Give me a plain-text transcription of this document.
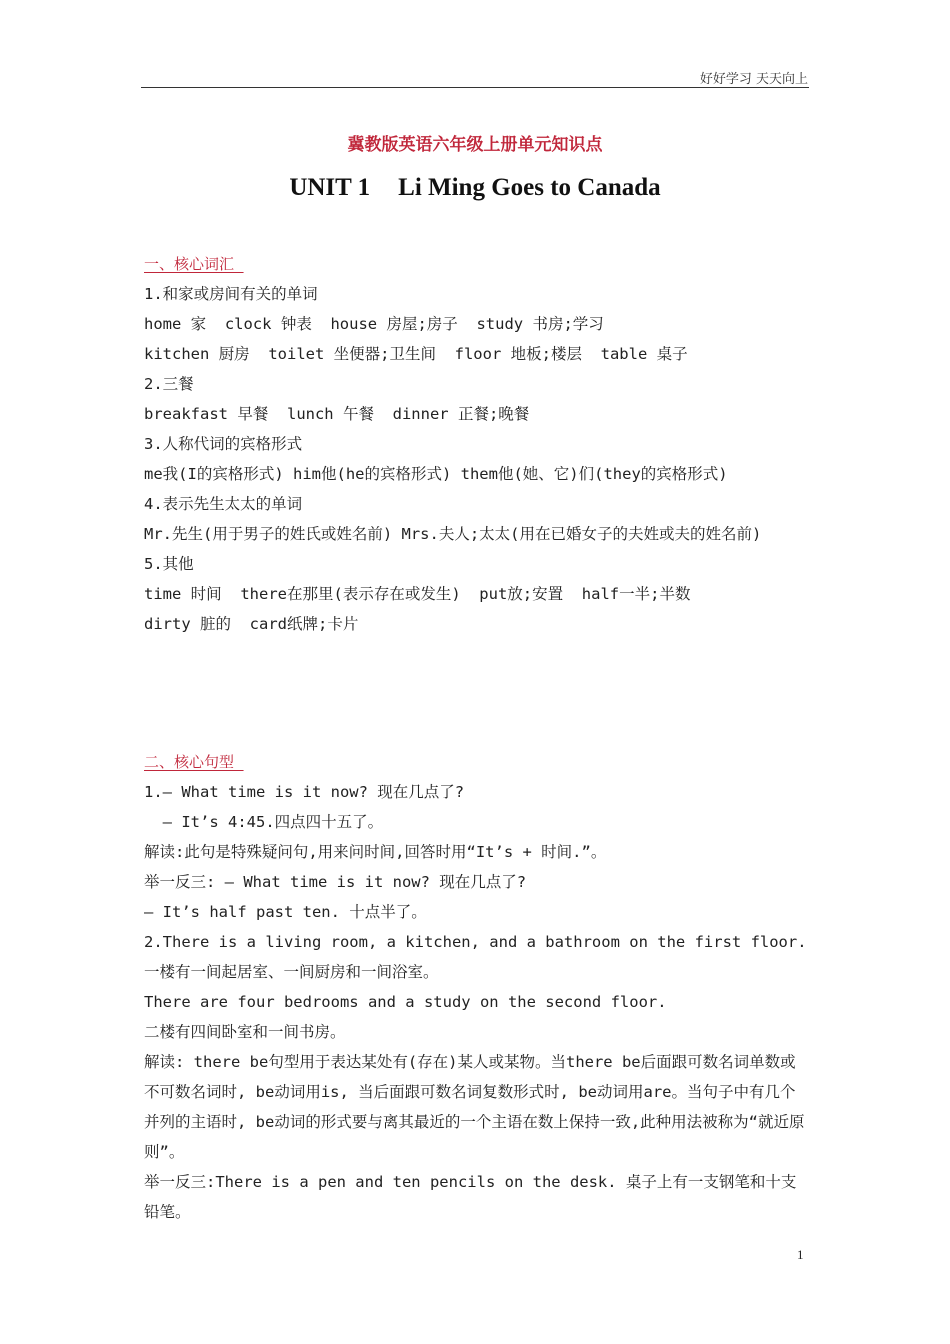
好好学习 天天向上
冀教版英语六年级上册单元知识点
UNIT 1 Li Ming Goes to Canada
一、核心词汇
1.和家或房间有关的单词
home 家  clock 钟表  house 房屋;房子  study 书房;学习
kitchen 厨房  toilet 坐便器;卫生间  floor 地板;楼层  table 桌子
2.三餐
breakfast 早餐  lunch 午餐  dinner 正餐;晚餐
3.人称代词的宾格形式
me我(I的宾格形式) him他(he的宾格形式) them他(她、它)们(they的宾格形式)
4.表示先生太太的单词
Mr.先生(用于男子的姓氏或姓名前) Mrs.夫人;太太(用在已婚女子的夫姓或夫的姓名前)
5.其他
time 时间  there在那里(表示存在或发生)  put放;安置  half一半;半数
dirty 脏的  card纸牌;卡片
二、核心句型
1.— What time is it now? 现在几点了?
— It’s 4:45.四点四十五了。
解读:此句是特殊疑问句,用来问时间,回答时用“It’s + 时间.”。
举一反三: — What time is it now? 现在几点了?
— It’s half past ten. 十点半了。
2.There is a living room, a kitchen, and a bathroom on the first floor.
一楼有一间起居室、一间厨房和一间浴室。
There are four bedrooms and a study on the second floor.
二楼有四间卧室和一间书房。
解读: there be句型用于表达某处有(存在)某人或某物。当there be后面跟可数名词单数或不可数名词时, be动词用is, 当后面跟可数名词复数形式时, be动词用are。当句子中有几个并列的主语时, be动词的形式要与离其最近的一个主语在数上保持一致,此种用法被称为“就近原则”。
举一反三:There is a pen and ten pencils on the desk. 桌子上有一支钢笔和十支铅笔。
1
